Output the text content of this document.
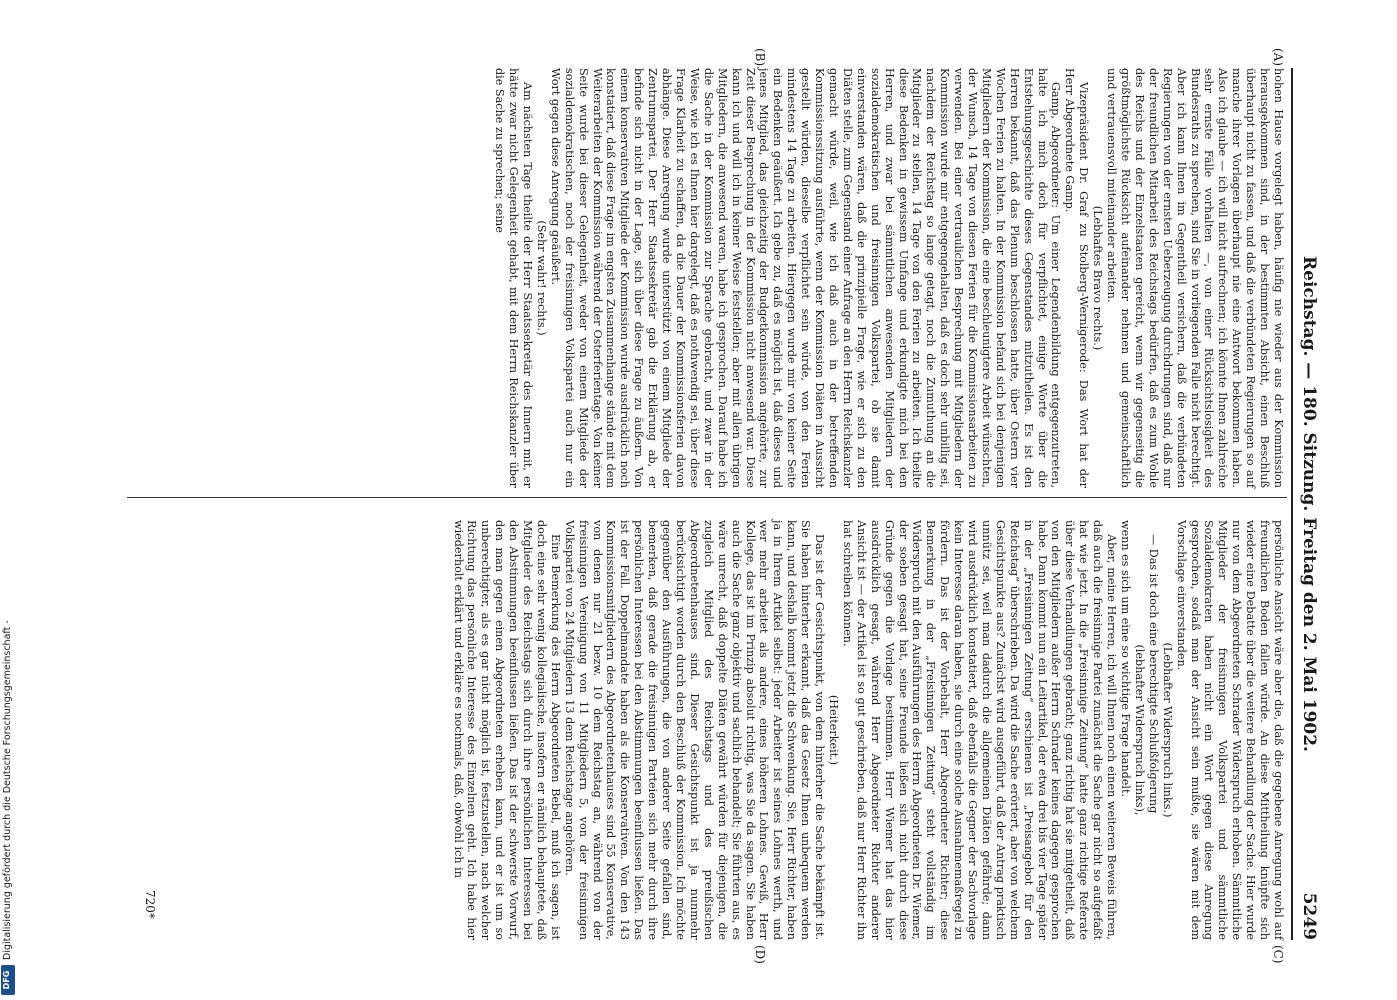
Reichstag. — 180. Sitzung. Freitag den 2. Mai 1902.
5249
(A)
(B)
(C)
(D)

hohen Hause vorgelegt haben, häufig nie wieder aus der Kommission herausgekommen sind, in der bestimmten Absicht, einen Beschluß überhaupt nicht zu fassen, und daß die verbündeten Regierungen so auf manche ihrer Vorlagen überhaupt nie eine Antwort bekommen haben. Also ich glaube — ich will nicht aufrechnen; ich könnte Ihnen zahlreiche sehr ernste Fälle vorhalten —, von einer Rücksichtslosigkeit des Bundesraths zu sprechen, sind Sie in vorliegenden Falle nicht berechtigt. Aber ich kann Ihnen im Gegentheil versichern, daß die verbündeten Regierungen von der ernsten Ueberzeugung durchdrungen sind, daß nur der freundlichen Mitarbeit des Reichstags bedürfen, daß es zum Wohle des Reichs und der Einzelstaaten gereicht, wenn wir gegenseitig die größtmöglichste Rücksicht aufeinander nehmen und gemeinschaftlich und vertrauensvoll miteinander arbeiten.

(Lebhaftes Bravo rechts.)

Vizepräsident Dr. Graf zu Stolberg-Wernigerode: Das Wort hat der Herr Abgeordnete Gamp.

Gamp, Abgeordneter: Um einer Legendenbildung entgegenzutreten, halte ich mich doch für verpflichtet, einige Worte über die Entstehungsgeschichte dieses Gegenstandes mitzutheilen. Es ist den Herren bekannt, daß das Plenum beschlossen hatte, über Ostern vier Wochen Ferien zu halten. In der Kommission befand sich bei denjenigen Mitgliedern der Kommission, die eine beschleunigtere Arbeit wünschten, der Wunsch, 14 Tage von diesen Ferien für die Kommissionsarbeiten zu verwenden. Bei einer vertraulichen Besprechung mit Mitgliedern der Kommission wurde mir entgegengehalten, daß es doch sehr unbillig sei, nachdem der Reichstag so lange getagt, noch die Zumuthung an die Mitglieder zu stellen, 14 Tage von den Ferien zu arbeiten. Ich theilte diese Bedenken in gewissem Umfange und erkundigte mich bei den Herren, und zwar bei sämmtlichen anwesenden Mitgliedern der sozialdemokratischen und freisinnigen Volkspartei, ob sie damit einverstanden wären, daß die prinzipielle Frage, wie er sich zu den Diäten stelle, zum Gegenstand einer Anfrage an den Herrn Reichskanzler gemacht würde, weil, wie ich daß auch in der betreffenden Kommissionssitzung ausführte, wenn der Kommission Diäten in Aussicht gestellt würden, dieselbe verpflichtet sein würde, von den Ferien mindestens 14 Tage zu arbeiten. Hiergegen wurde mir von keiner Seite ein Bedenken geäußert. Ich gebe zu, daß es möglich ist, daß dieses und jenes Mitglied, das gleichzeitig der Budgetkommission angehörte, zur Zeit dieser Besprechung in der Kommission nicht anwesend war. Diese kann ich und will ich in keiner Weise feststellen; aber mit allen übrigen Mitgliedern, die anwesend waren, habe ich gesprochen. Darauf habe ich die Sache in der Kommission zur Sprache gebracht, und zwar in der Weise, wie ich es Ihnen hier dargelegt, daß es nothwendig sei, über diese Frage Klarheit zu schaffen, da die Dauer der Kommissionsferien davon abhänge. Diese Anregung wurde unterstützt von einem Mitgliede der Zentrumspartei. Der Herr Staatssekretär gab die Erklärung ab, er befinde sich nicht in der Lage, sich über diese Frage zu äußern. Von einem konservativen Mitgliede der Kommission wurde ausdrücklich noch konstatiert, daß diese Frage im engsten Zusammenhange stände mit dem Weiterarbeiten der Kommission während der Osterferientage. Von keiner Seite wurde bei dieser Gelegenheit, weder von einem Mitgliede der sozialdemokratischen, noch der freisinnigen Volkspartei auch nur ein Wort gegen diese Anregung geäußert.

(Sehr wahr! rechts.)

Am nächsten Tage theilte der Herr Staatssekretär des Innern mit, er hätte zwar nicht Gelegenheit gehabt, mit dem Herrn Reichskanzler über die Sache zu sprechen; seine

persönliche Ansicht wäre aber die, daß die gegebene Anregung wohl auf freundlichen Boden fallen würde. An diese Mittheilung knüpfte sich wieder eine Debatte über die weitere Behandlung der Sache. Hier wurde nur von dem Abgeordneten Schrader Widerspruch erhoben. Sämmtliche Mitglieder der freisinnigen Volkspartei und sämmtliche Sozialdemokraten haben nicht ein Wort gegen diese Anregung gesprochen, sodaß man der Ansicht sein mußte, sie wären mit dem Vorschlage einverstanden.

(Lebhafter Widerspruch links.)

— Das ist doch eine berechtigte Schlußfolgerung

(lebhafter Widerspruch links),

wenn es sich um eine so wichtige Frage handelt.

Aber, meine Herren, ich will Ihnen noch einen weiteren Beweis führen, daß auch die freisinnige Partei zunächst die Sache gar nicht so aufgefaßt hat wie jetzt. In die „Freisinnige Zeitung“ hatte ganz richtige Referate über diese Verhandlungen gebracht; ganz richtig hat sie mitgetheilt, daß von den Mitgliedern außer Herrn Schrader keines dagegen gesprochen habe. Dann kommt nun ein Leitartikel, der etwa drei bis vier Tage später in der „Freisinnigen Zeitung“ erschienen ist „Preisangebot für den Reichstag“ überschrieben. Da wird die Sache erörtert, aber von welchem Gesichtspunkte aus? Zunächst wird ausgeführt, daß der Antrag praktisch unnütz sei, weil man dadurch die allgemeinen Diäten gefährde; dann wird ausdrücklich konstatiert, daß ebenfalls die Gegner der Sachvorlage kein Interesse daran haben, sie durch eine solche Ausnahmemaßregel zu fördern. Das ist der Vorbehalt, Herr Abgeordneter Richter; diese Bemerkung in der „Freisinnigen Zeitung“ steht vollständig im Widerspruch mit den Ausführungen des Herrn Abgeordneten Dr. Wiemer, der soeben gesagt hat, seine Freunde ließen sich nicht durch diese Gründe gegen die Vorlage bestimmen. Herr Wiemer hat das hier ausdrücklich gesagt, während Herr Abgeordneter Richter anderer Ansicht ist — der Artikel ist so gut geschrieben, daß nur Herr Richter ihn hat schreiben können.

(Heiterkeit.)

Das ist der Gesichtspunkt, von dem hinterher die Sache bekämpft ist. Sie haben hinterher erkannt, daß das Gesetz Ihnen unbequem werden kann, und deshalb kommt jetzt die Schwenkung. Sie, Herr Richter, haben ja in Ihrem Artikel selbst: jeder Arbeiter ist seines Lohnes werth, und wer mehr arbeitet als andere, eines höheren Lohnes. Gewiß, Herr Kollege, das ist im Prinzip absolut richtig, was Sie da sagen. Sie haben auch die Sache ganz objektiv und sachlich behandelt; Sie führten aus, es wäre unrecht, daß doppelte Diäten gewährt würden für diejenigen, die zugleich Mitglied des Reichstags und des preußischen Abgeordnetenhauses sind. Dieser Gesichtspunkt ist ja nunmehr berücksichtigt worden durch den Beschluß der Kommission. Ich möchte gegenüber den Ausführungen, die von anderer Seite gefallen sind, bemerken, daß gerade die freisinnigen Parteien sich mehr durch ihre persönlichen Interessen bei den Abstimmungen beeinflussen ließen. Das ist der Fall. Doppelmandate haben als die Konservativen. Von den 143 Kommissionsmitgliedern des Abgeordnetenhauses sind 55 Konservative, von denen nur 21 bezw. 10 dem Reichstag an, während von der freisinnigen Vereinigung von 11 Mitgliedern 5, von der freisinnigen Volkspartei von 24 Mitgliedern 13 dem Reichstage angehören.

Eine Bemerkung des Herrn Abgeordneten Bebel, muß ich sagen, ist doch eine sehr wenig kollegialische, insofern er nämlich behauptete, daß Mitglieder des Reichstags sich durch ihre persönlichen Interessen bei den Abstimmungen beeinflussen ließen. Das ist der schwerste Vorwurf, den man gegen einen Abgeordneten erheben kann, und er ist um so unberechtigter, als es gar nicht möglich ist, festzustellen, nach welcher Richtung das persönliche Interesse des Einzelnen geht. Ich habe hier wiederholt erklärt und erkläre es nochmals, daß, obwohl ich in

720*
Digitalisierung gefördert durch die Deutsche Forschungsgemeinschaft -
DFG
